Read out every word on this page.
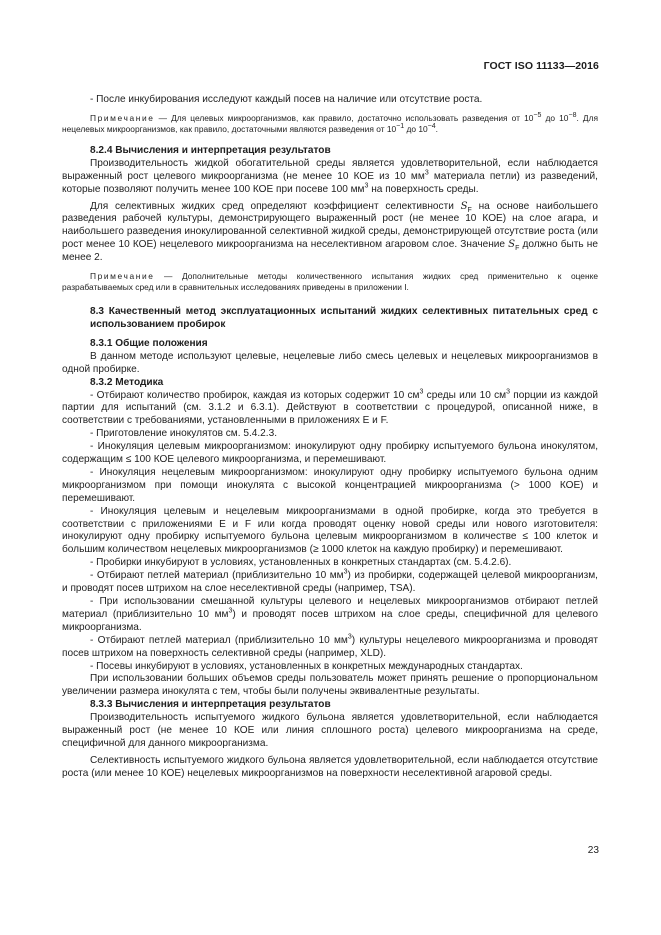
ГОСТ ISO 11133—2016

- После инкубирования исследуют каждый посев на наличие или отсутствие роста.

Примечание — Для целевых микроорганизмов, как правило, достаточно использовать разведения от $10^{-5}$ до $10^{-8}$. Для нецелевых микроорганизмов, как правило, достаточными являются разведения от $10^{-1}$ до $10^{-4}$.

8.2.4 Вычисления и интерпретация результатов

Производительность жидкой обогатительной среды является удовлетворительной, если наблюдается выраженный рост целевого микроорганизма (не менее 10 КОЕ из 10 $мм^3$ материала петли) из разведений, которые позволяют получить менее 100 КОЕ при посеве 100 $мм^3$ на поверхность среды.

Для селективных жидких сред определяют коэффициент селективности $S_F$ на основе наибольшего разведения рабочей культуры, демонстрирующего выраженный рост (не менее 10 КОЕ) на слое агара, и наибольшего разведения инокулированной селективной жидкой среды, демонстрирующей отсутствие роста (или рост менее 10 КОЕ) нецелевого микроорганизма на неселективном агаровом слое. Значение $S_F$ должно быть не менее 2.

Примечание — Дополнительные методы количественного испытания жидких сред применительно к оценке разрабатываемых сред или в сравнительных исследованиях приведены в приложении I.

8.3 Качественный метод эксплуатационных испытаний жидких селективных питательных сред с использованием пробирок

8.3.1 Общие положения

В данном методе используют целевые, нецелевые либо смесь целевых и нецелевых микроорганизмов в одной пробирке.

8.3.2 Методика

- Отбирают количество пробирок, каждая из которых содержит 10 $см^3$ среды или 10 $см^3$ порции из каждой партии для испытаний (см. 3.1.2 и 6.3.1). Действуют в соответствии с процедурой, описанной ниже, в соответствии с требованиями, установленными в приложениях E и F.

- Приготовление инокулятов см. 5.4.2.3.

- Инокуляция целевым микроорганизмом: инокулируют одну пробирку испытуемого бульона инокулятом, содержащим ≤ 100 КОЕ целевого микроорганизма, и перемешивают.

- Инокуляция нецелевым микроорганизмом: инокулируют одну пробирку испытуемого бульона одним микроорганизмом при помощи инокулята с высокой концентрацией микроорганизма (> 1000 КОЕ) и перемешивают.

- Инокуляция целевым и нецелевым микроорганизмами в одной пробирке, когда это требуется в соответствии с приложениями E и F или когда проводят оценку новой среды или нового изготовителя: инокулируют одну пробирку испытуемого бульона целевым микроорганизмом в количестве ≤ 100 клеток и большим количеством нецелевых микроорганизмов (≥ 1000 клеток на каждую пробирку) и перемешивают.

- Пробирки инкубируют в условиях, установленных в конкретных стандартах (см. 5.4.2.6).

- Отбирают петлей материал (приблизительно 10 $мм^3$) из пробирки, содержащей целевой микроорганизм, и проводят посев штрихом на слое неселективной среды (например, TSA).

- При использовании смешанной культуры целевого и нецелевых микроорганизмов отбирают петлей материал (приблизительно 10 $мм^3$) и проводят посев штрихом на слое среды, специфичной для целевого микроорганизма.

- Отбирают петлей материал (приблизительно 10 $мм^3$) культуры нецелевого микроорганизма и проводят посев штрихом на поверхность селективной среды (например, XLD).

- Посевы инкубируют в условиях, установленных в конкретных международных стандартах.

При использовании больших объемов среды пользователь может принять решение о пропорциональном увеличении размера инокулята с тем, чтобы были получены эквивалентные результаты.

8.3.3 Вычисления и интерпретация результатов

Производительность испытуемого жидкого бульона является удовлетворительной, если наблюдается выраженный рост (не менее 10 КОЕ или линия сплошного роста) целевого микроорганизма на среде, специфичной для данного микроорганизма.

Селективность испытуемого жидкого бульона является удовлетворительной, если наблюдается отсутствие роста (или менее 10 КОЕ) нецелевых микроорганизмов на поверхности неселективной агаровой среды.

23
